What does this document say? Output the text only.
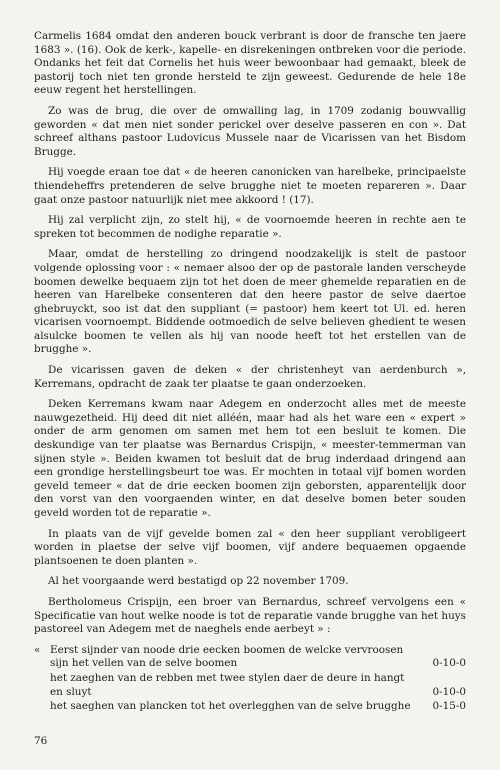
Carmelis 1684 omdat den anderen bouck verbrant is door de fransche ten jaere 1683 ». (16). Ook de kerk-, kapelle- en disrekeningen ontbreken voor die periode. Ondanks het feit dat Cornelis het huis weer bewoonbaar had gemaakt, bleek de pastorij toch niet ten gronde hersteld te zijn geweest. Gedurende de hele 18e eeuw regent het herstellingen.

Zo was de brug, die over de omwalling lag, in 1709 zodanig bouwvallig geworden « dat men niet sonder perickel over deselve passeren en con ». Dat schreef althans pastoor Ludovicus Mussele naar de Vicarissen van het Bisdom Brugge.

Hij voegde eraan toe dat « de heeren canonicken van harelbeke, principaelste thiendeheffrs pretenderen de selve brugghe niet te moeten repareren ». Daar gaat onze pastoor natuurlijk niet mee akkoord ! (17).

Hij zal verplicht zijn, zo stelt hij, « de voornoemde heeren in rechte aen te spreken tot becommen de nodighe reparatie ».

Maar, omdat de herstelling zo dringend noodzakelijk is stelt de pastoor volgende oplossing voor : « nemaer alsoo der op de pastorale landen verscheyde boomen dewelke bequaem zijn tot het doen de meer ghemelde reparatien en de heeren van Harelbeke consenteren dat den heere pastor de selve daertoe ghebruyckt, soo ist dat den suppliant (= pastoor) hem keert tot Ul. ed. heren vicarisen voornoempt. Biddende ootmoedich de selve believen ghedient te wesen alsulcke boomen te vellen als hij van noode heeft tot het erstellen van de brugghe ».

De vicarissen gaven de deken « der christenheyt van aerdenburch », Kerremans, opdracht de zaak ter plaatse te gaan onderzoeken.

Deken Kerremans kwam naar Adegem en onderzocht alles met de meeste nauwgezetheid. Hij deed dit niet alléén, maar had als het ware een « expert » onder de arm genomen om samen met hem tot een besluit te komen. Die deskundige van ter plaatse was Bernardus Crispijn, « meester-temmerman van sijnen style ». Beiden kwamen tot besluit dat de brug inderdaad dringend aan een grondige herstellingsbeurt toe was. Er mochten in totaal vijf bomen worden geveld temeer « dat de drie eecken boomen zijn geborsten, apparentelijk door den vorst van den voorgaenden winter, en dat deselve bomen beter souden geveld worden tot de reparatie ».

In plaats van de vijf gevelde bomen zal « den heer suppliant verobligeert worden in plaetse der selve vijf boomen, vijf andere bequaemen opgaende plantsoenen te doen planten ».

Al het voorgaande werd bestatigd op 22 november 1709.

Bertholomeus Crispijn, een broer van Bernardus, schreef vervolgens een « Specificatie van hout welke noode is tot de reparatie vande brugghe van het huys pastoreel van Adegem met de naeghels ende aerbeyt » :

« Eerst sijnder van noode drie eecken boomen de welcke vervroosen sijn het vellen van de selve boomen	0-10-0
het zaeghen van de rebben met twee stylen daer de deure in hangt en sluyt	0-10-0
het saeghen van plancken tot het overlegghen van de selve brugghe	0-15-0
76
